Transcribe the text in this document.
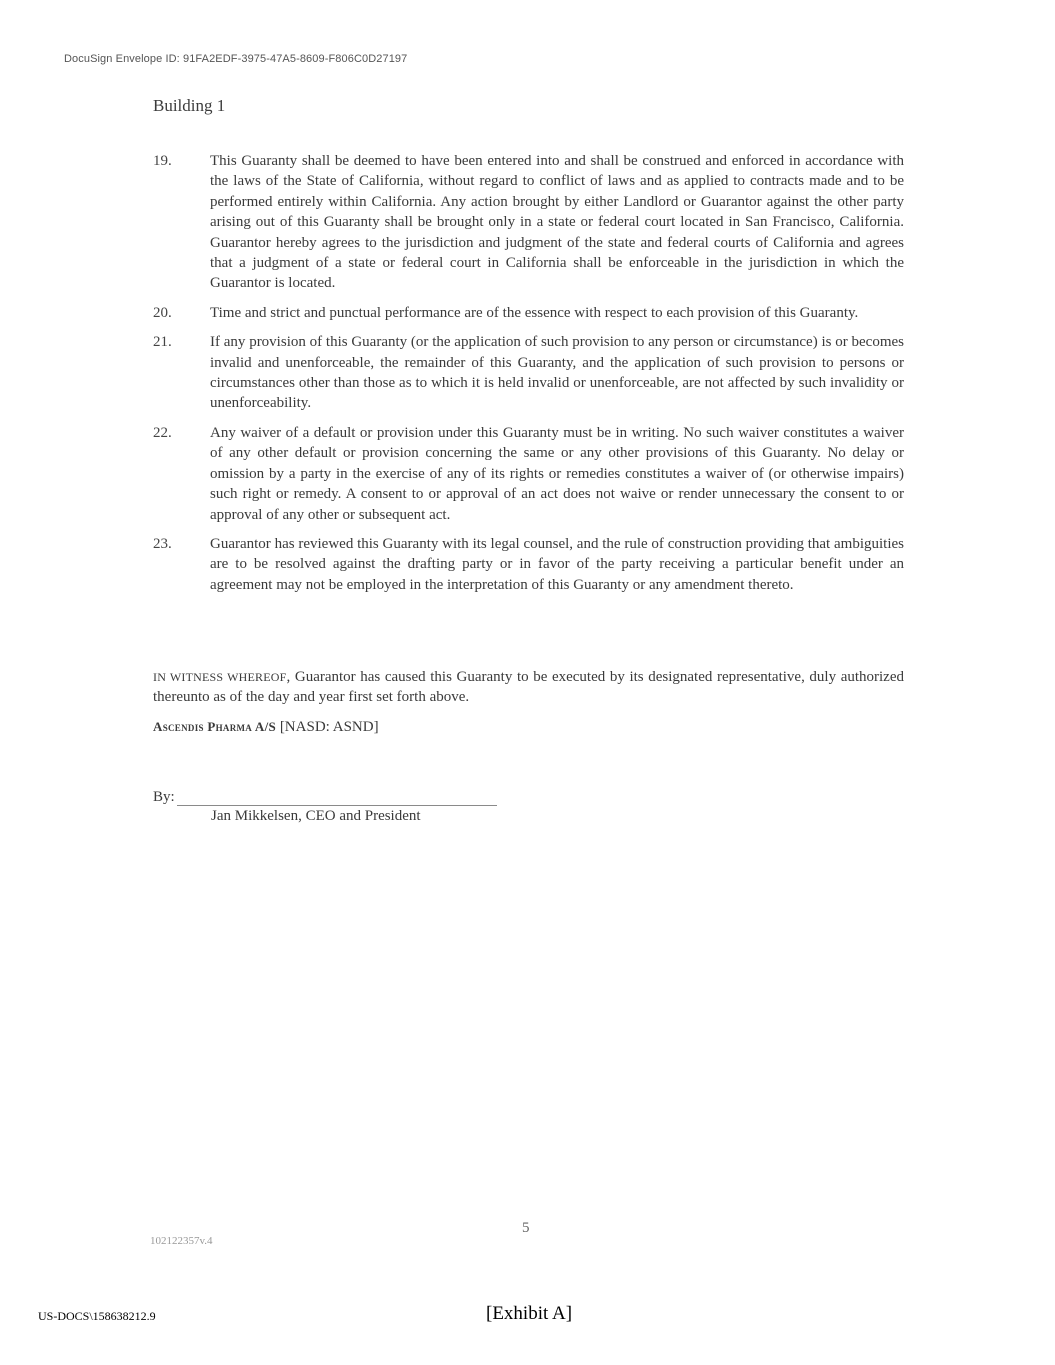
DocuSign Envelope ID: 91FA2EDF-3975-47A5-8609-F806C0D27197
Building 1
19.	This Guaranty shall be deemed to have been entered into and shall be construed and enforced in accordance with the laws of the State of California, without regard to conflict of laws and as applied to contracts made and to be performed entirely within California. Any action brought by either Landlord or Guarantor against the other party arising out of this Guaranty shall be brought only in a state or federal court located in San Francisco, California. Guarantor hereby agrees to the jurisdiction and judgment of the state and federal courts of California and agrees that a judgment of a state or federal court in California shall be enforceable in the jurisdiction in which the Guarantor is located.
20.	Time and strict and punctual performance are of the essence with respect to each provision of this Guaranty.
21.	If any provision of this Guaranty (or the application of such provision to any person or circumstance) is or becomes invalid and unenforceable, the remainder of this Guaranty, and the application of such provision to persons or circumstances other than those as to which it is held invalid or unenforceable, are not affected by such invalidity or unenforceability.
22.	Any waiver of a default or provision under this Guaranty must be in writing. No such waiver constitutes a waiver of any other default or provision concerning the same or any other provisions of this Guaranty. No delay or omission by a party in the exercise of any of its rights or remedies constitutes a waiver of (or otherwise impairs) such right or remedy. A consent to or approval of an act does not waive or render unnecessary the consent to or approval of any other or subsequent act.
23.	Guarantor has reviewed this Guaranty with its legal counsel, and the rule of construction providing that ambiguities are to be resolved against the drafting party or in favor of the party receiving a particular benefit under an agreement may not be employed in the interpretation of this Guaranty or any amendment thereto.
IN WITNESS WHEREOF, Guarantor has caused this Guaranty to be executed by its designated representative, duly authorized thereunto as of the day and year first set forth above.
Ascendis Pharma A/S [NASD: ASND]
By:
Jan Mikkelsen, CEO and President
5
102122357v.4
US-DOCS\158638212.9	[Exhibit A]
